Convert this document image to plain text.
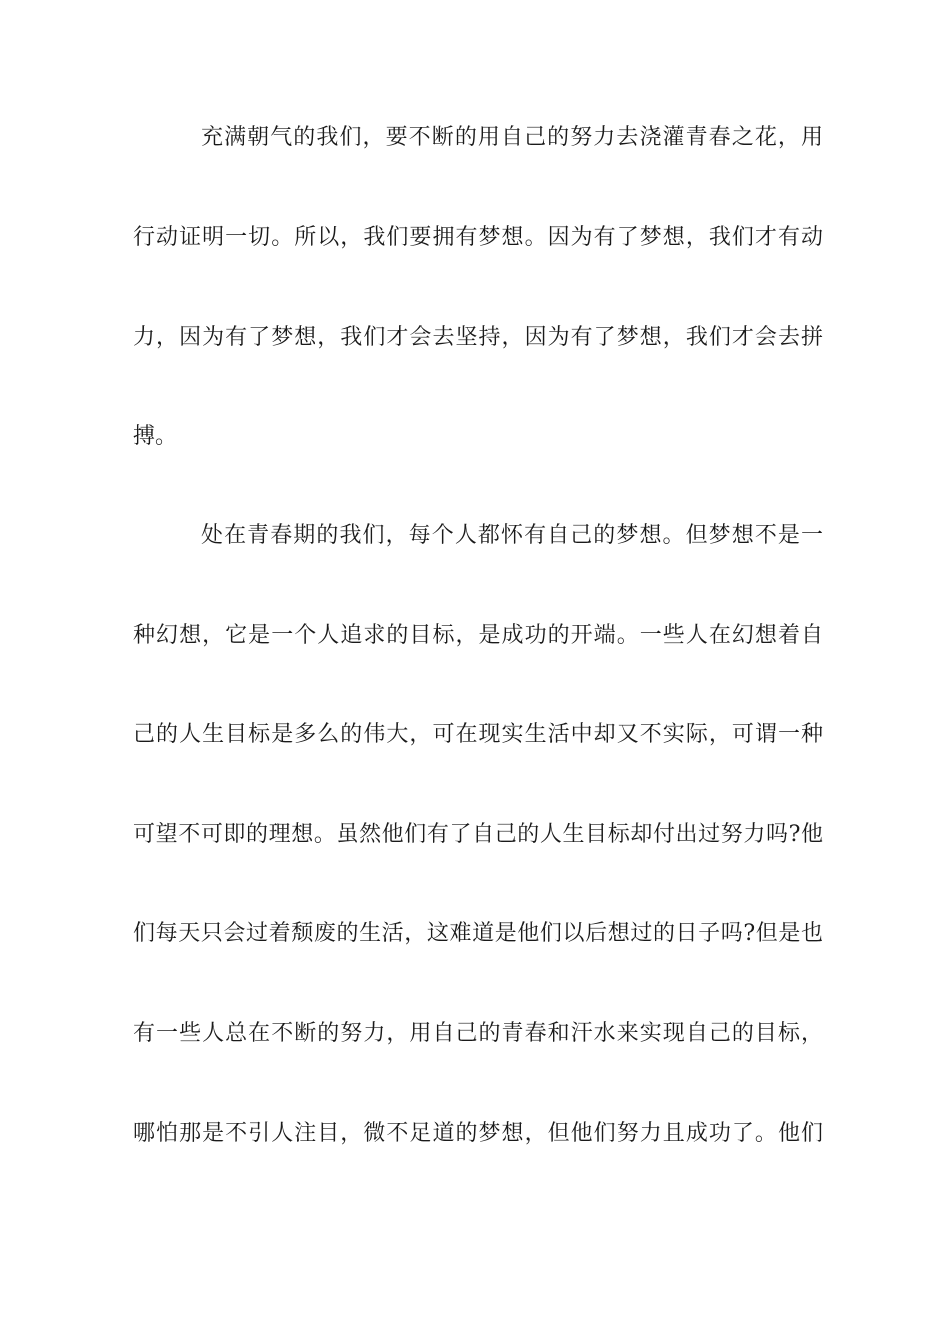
充满朝气的我们，要不断的用自己的努力去浇灌青春之花，用
行动证明一切。所以，我们要拥有梦想。因为有了梦想，我们才有动
力，因为有了梦想，我们才会去坚持，因为有了梦想，我们才会去拼
搏。
处在青春期的我们，每个人都怀有自己的梦想。但梦想不是一
种幻想，它是一个人追求的目标，是成功的开端。一些人在幻想着自
己的人生目标是多么的伟大，可在现实生活中却又不实际，可谓一种
可望不可即的理想。虽然他们有了自己的人生目标却付出过努力吗?他
们每天只会过着颓废的生活，这难道是他们以后想过的日子吗?但是也
有一些人总在不断的努力，用自己的青春和汗水来实现自己的目标，
哪怕那是不引人注目，微不足道的梦想，但他们努力且成功了。他们
